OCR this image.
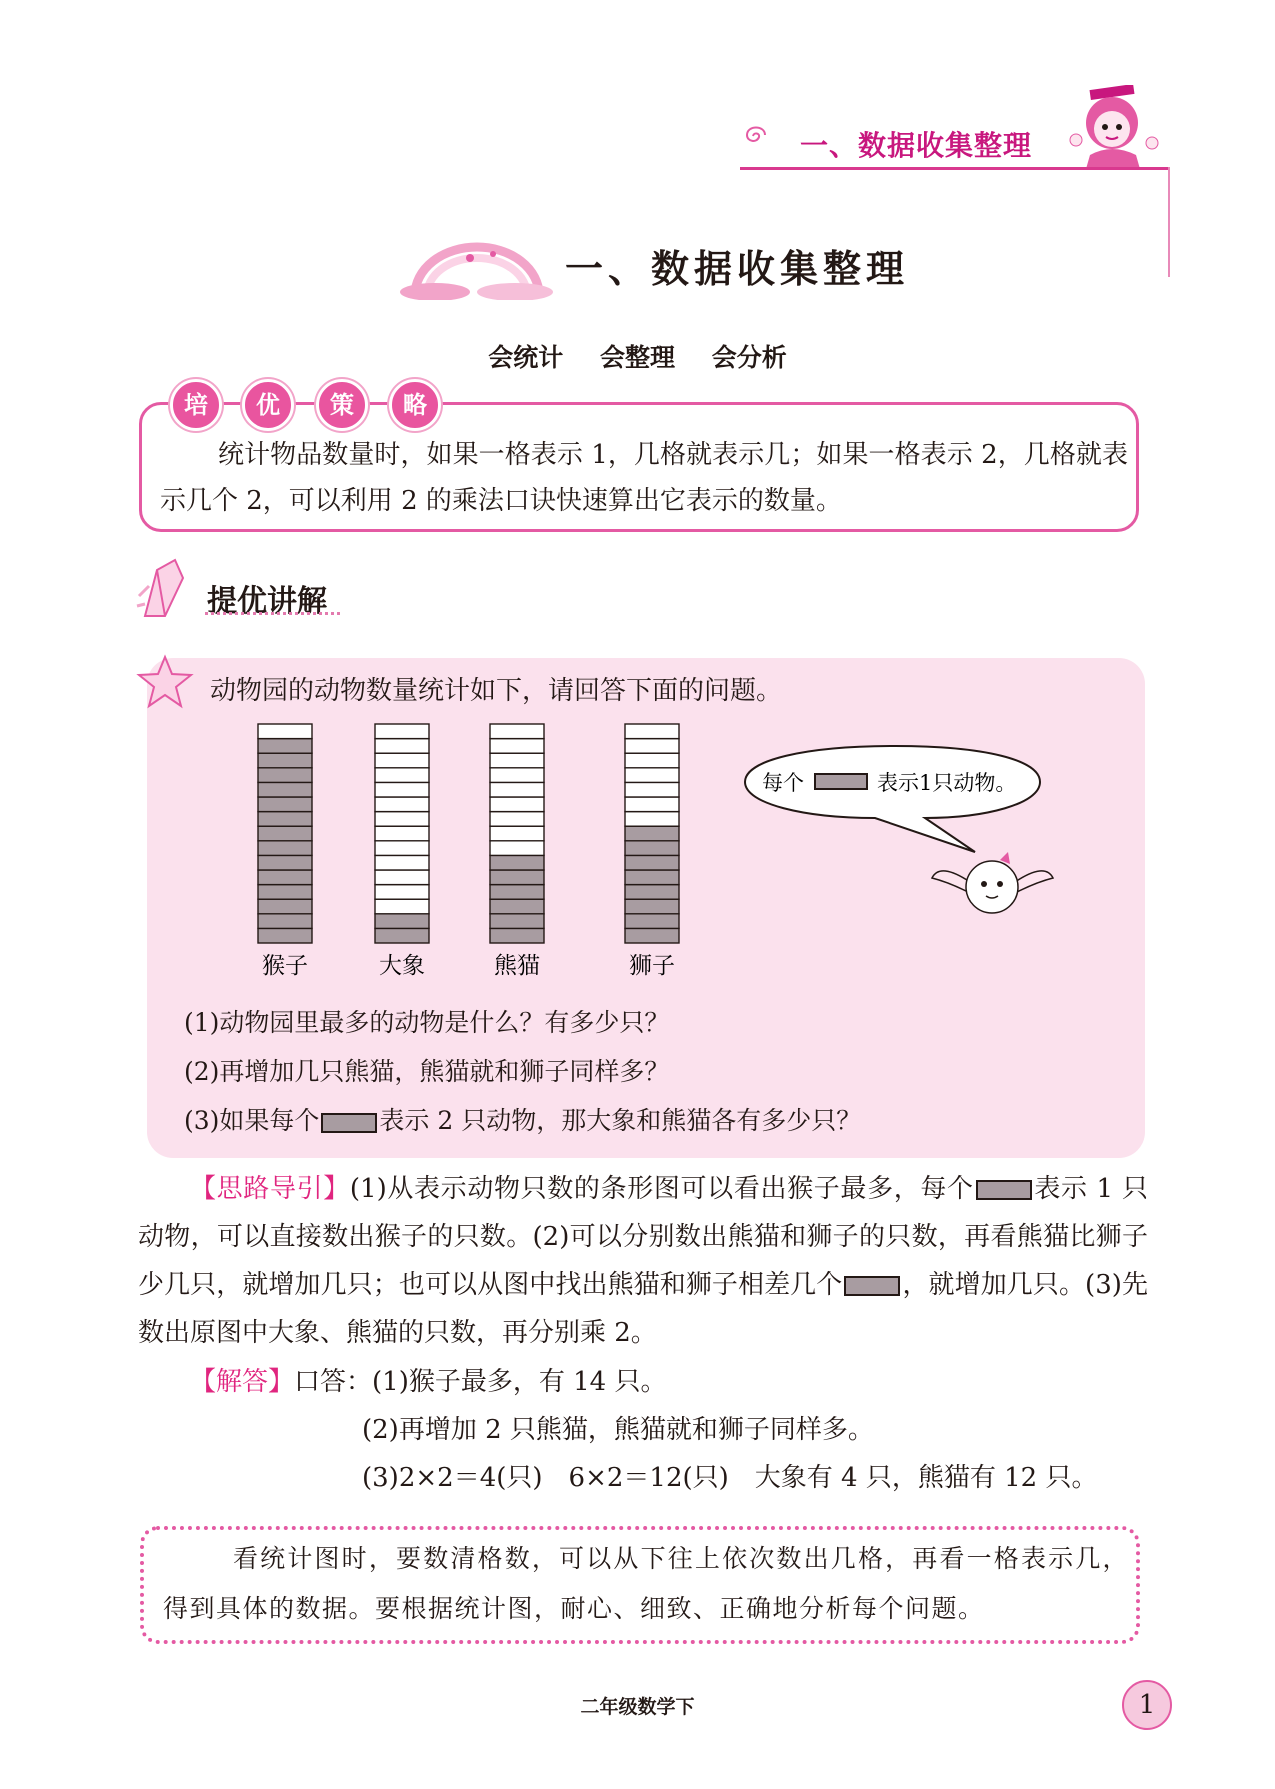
一、数据收集整理
一、数据收集整理
会统计 会整理 会分析
培	优	策	略
统计物品数量时，如果一格表示 1，几格就表示几；如果一格表示 2，几格就表示几个 2，可以利用 2 的乘法口诀快速算出它表示的数量。
提优讲解
动物园的动物数量统计如下，请回答下面的问题。
猴子	大象	熊猫	狮子
每个	表示1只动物。
(1)动物园里最多的动物是什么？有多少只？
(2)再增加几只熊猫，熊猫就和狮子同样多？
(3)如果每个 表示 2 只动物，那大象和熊猫各有多少只？
【思路导引】(1)从表示动物只数的条形图可以看出猴子最多，每个 表示 1 只动物，可以直接数出猴子的只数。(2)可以分别数出熊猫和狮子的只数，再看熊猫比狮子少几只，就增加几只；也可以从图中找出熊猫和狮子相差几个 ，就增加几只。(3)先数出原图中大象、熊猫的只数，再分别乘 2。
【解答】口答：(1)猴子最多，有 14 只。
(2)再增加 2 只熊猫，熊猫就和狮子同样多。
(3)2×2＝4(只)　6×2＝12(只)　大象有 4 只，熊猫有 12 只。
看统计图时，要数清格数，可以从下往上依次数出几格，再看一格表示几，得到具体的数据。要根据统计图，耐心、细致、正确地分析每个问题。
二年级数学下	1
